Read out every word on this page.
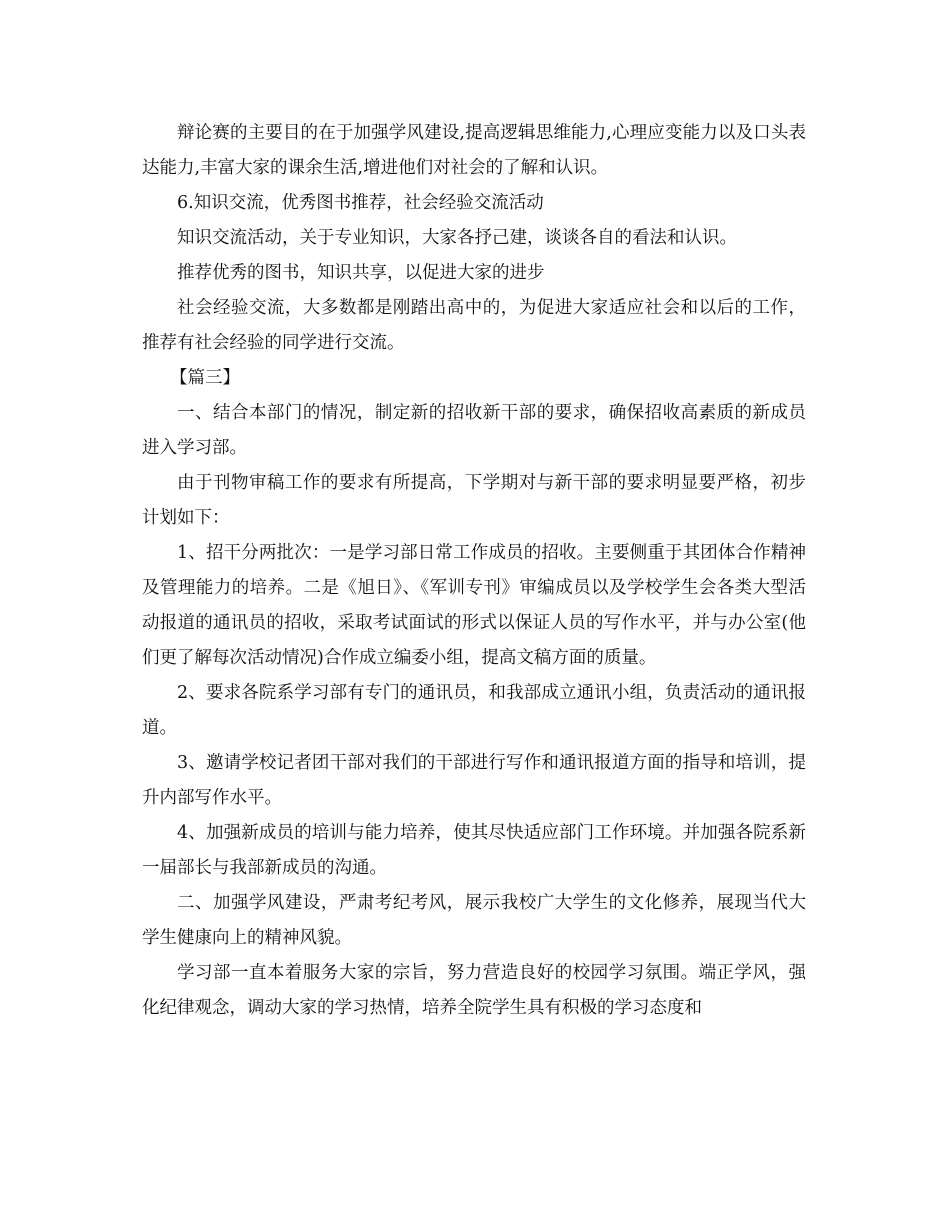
辩论赛的主要目的在于加强学风建设,提高逻辑思维能力,心理应变能力以及口头表达能力,丰富大家的课余生活,增进他们对社会的了解和认识。

6.知识交流，优秀图书推荐，社会经验交流活动

知识交流活动，关于专业知识，大家各抒己建，谈谈各自的看法和认识。

推荐优秀的图书，知识共享，以促进大家的进步

社会经验交流，大多数都是刚踏出高中的，为促进大家适应社会和以后的工作，推荐有社会经验的同学进行交流。

【篇三】

一、结合本部门的情况，制定新的招收新干部的要求，确保招收高素质的新成员进入学习部。

由于刊物审稿工作的要求有所提高，下学期对与新干部的要求明显要严格，初步计划如下：

1、招干分两批次：一是学习部日常工作成员的招收。主要侧重于其团体合作精神及管理能力的培养。二是《旭日》、《军训专刊》审编成员以及学校学生会各类大型活动报道的通讯员的招收，采取考试面试的形式以保证人员的写作水平，并与办公室(他们更了解每次活动情况)合作成立编委小组，提高文稿方面的质量。

2、要求各院系学习部有专门的通讯员，和我部成立通讯小组，负责活动的通讯报道。

3、邀请学校记者团干部对我们的干部进行写作和通讯报道方面的指导和培训，提升内部写作水平。

4、加强新成员的培训与能力培养，使其尽快适应部门工作环境。并加强各院系新一届部长与我部新成员的沟通。

二、加强学风建设，严肃考纪考风，展示我校广大学生的文化修养，展现当代大学生健康向上的精神风貌。

学习部一直本着服务大家的宗旨，努力营造良好的校园学习氛围。端正学风，强化纪律观念，调动大家的学习热情，培养全院学生具有积极的学习态度和
